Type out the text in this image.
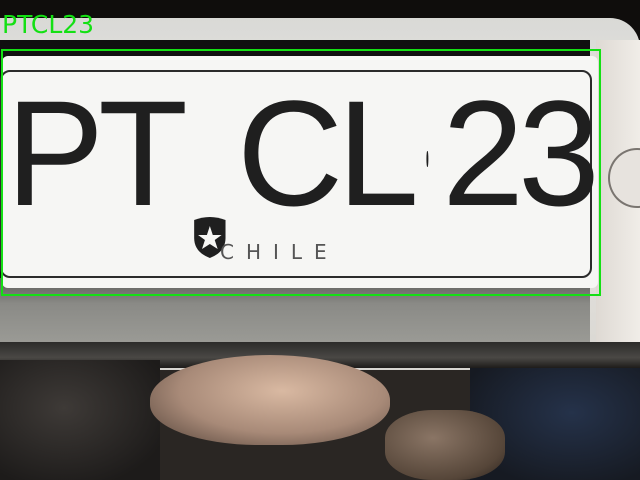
PT CL 23
CHILE
PTCL23
